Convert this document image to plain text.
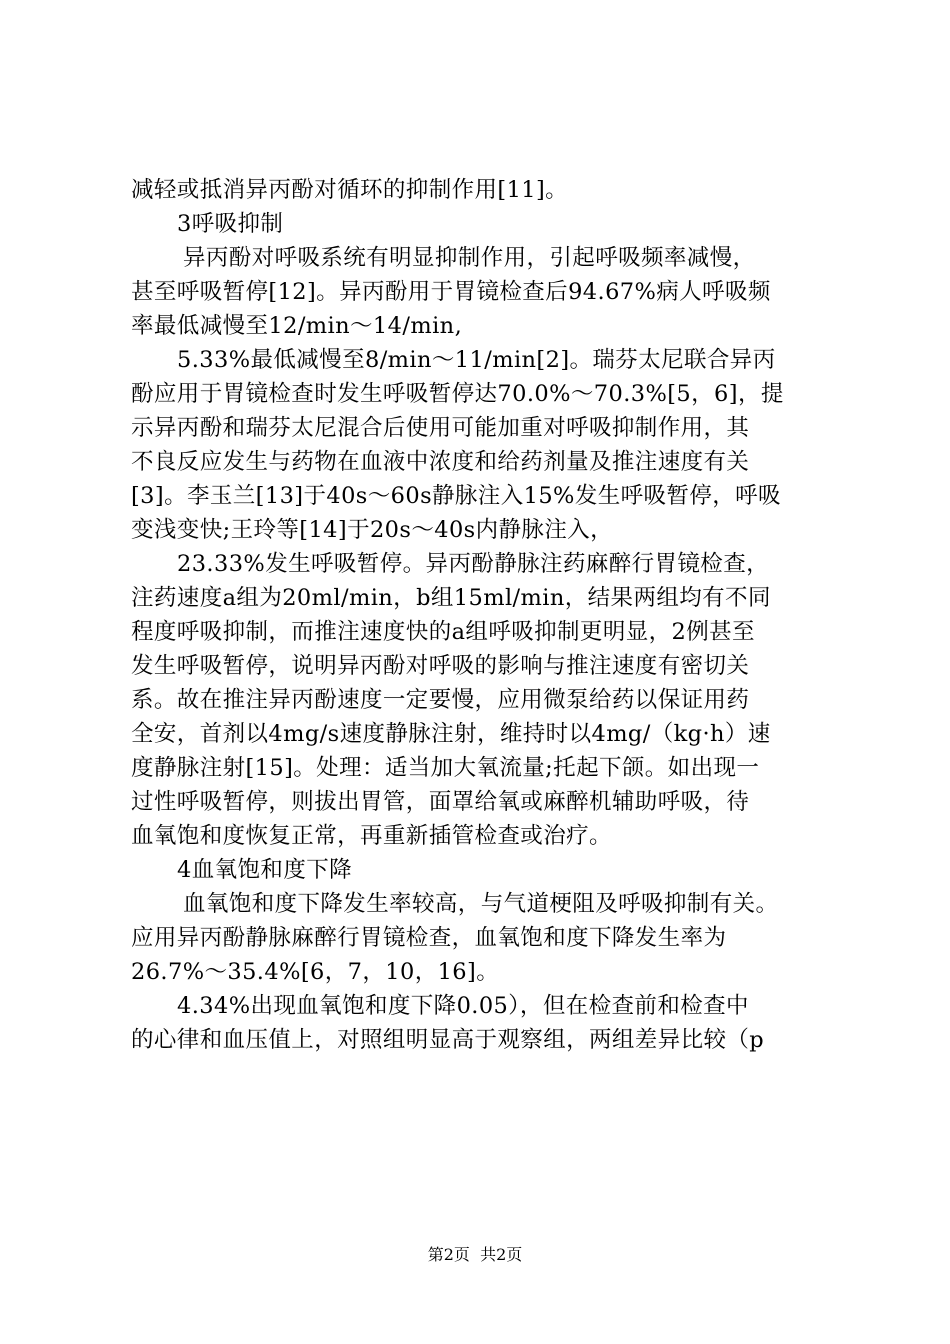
减轻或抵消异丙酚对循环的抑制作用[11]。
3呼吸抑制
异丙酚对呼吸系统有明显抑制作用，引起呼吸频率减慢，
甚至呼吸暂停[12]。异丙酚用于胃镜检查后94.67%病人呼吸频
率最低减慢至12/min～14/min,
5.33%最低减慢至8/min～11/min[2]。瑞芬太尼联合异丙
酚应用于胃镜检查时发生呼吸暂停达70.0%～70.3%[5，6]，提
示异丙酚和瑞芬太尼混合后使用可能加重对呼吸抑制作用，其
不良反应发生与药物在血液中浓度和给药剂量及推注速度有关
[3]。李玉兰[13]于40s～60s静脉注入15%发生呼吸暂停，呼吸
变浅变快;王玲等[14]于20s～40s内静脉注入，
23.33%发生呼吸暂停。异丙酚静脉注药麻醉行胃镜检查，
注药速度a组为20ml/min，b组15ml/min，结果两组均有不同
程度呼吸抑制，而推注速度快的a组呼吸抑制更明显，2例甚至
发生呼吸暂停，说明异丙酚对呼吸的影响与推注速度有密切关
系。故在推注异丙酚速度一定要慢，应用微泵给药以保证用药
全安，首剂以4mg/s速度静脉注射，维持时以4mg/（kg·h）速
度静脉注射[15]。处理：适当加大氧流量;托起下颌。如出现一
过性呼吸暂停，则拔出胃管，面罩给氧或麻醉机辅助呼吸，待
血氧饱和度恢复正常，再重新插管检查或治疗。
4血氧饱和度下降
血氧饱和度下降发生率较高，与气道梗阻及呼吸抑制有关。
应用异丙酚静脉麻醉行胃镜检查，血氧饱和度下降发生率为
26.7%～35.4%[6，7，10，16]。
4.34%出现血氧饱和度下降0.05），但在检查前和检查中
的心律和血压值上，对照组明显高于观察组，两组差异比较（p
第2页  共2页
